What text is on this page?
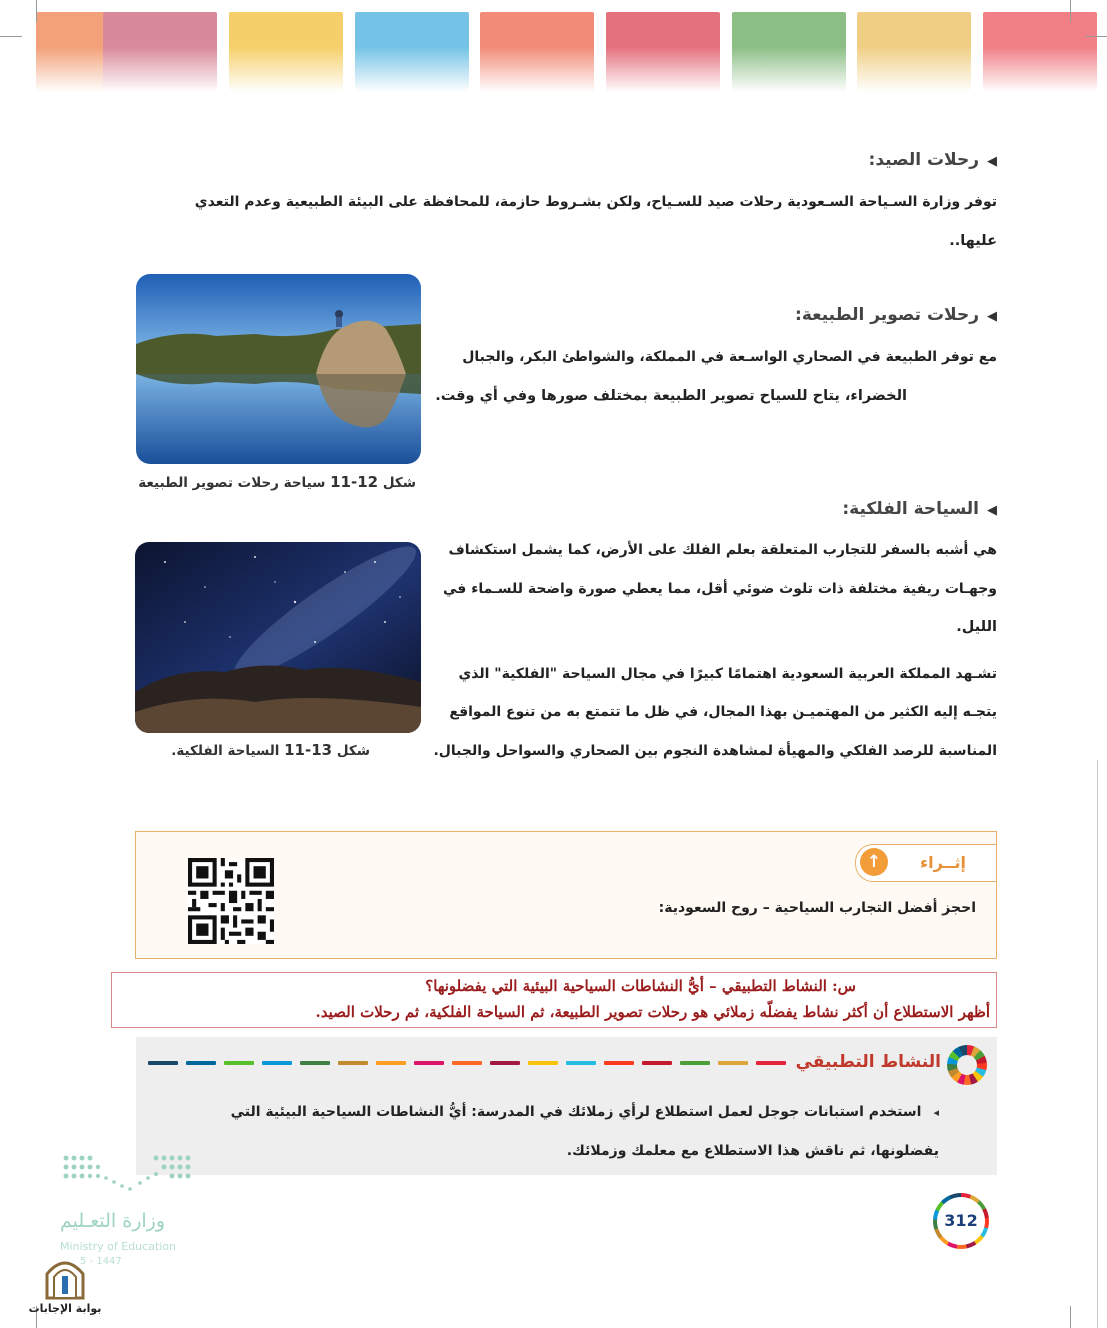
◀رحلات الصيد:
توفر وزارة السـياحة السـعودية رحلات صيد للسـياح، ولكن بشـروط حازمة، للمحافظة على البيئة الطبيعية وعدم التعدي
عليها..
شكل 12-11 سياحة رحلات تصوير الطبيعة
◀رحلات تصوير الطبيعة:
مع توفر الطبيعة في الصحاري الواسـعة في المملكة، والشواطئ البكر، والجبال
الخضراء، يتاح للسياح تصوير الطبيعة بمختلف صورها وفي أي وقت.
◀السياحة الفلكية:
هي أشبه بالسفر للتجارب المتعلقة بعلم الفلك على الأرض، كما يشمل استكشاف
وجهـات ريفية مختلفة ذات تلوث ضوئي أقل، مما يعطي صورة واضحة للسـماء في
الليل.
تشـهد المملكة العربية السعودية اهتمامًا كبيرًا في مجال السياحة "الفلكية" الذي
يتجـه إليه الكثير من المهتميـن بهذا المجال، في ظل ما تتمتع به من تنوع المواقع
المناسبة للرصد الفلكي والمهيأة لمشاهدة النجوم بين الصحاري والسواحل والجبال.
شكل 13-11 السياحة الفلكية.
إثــراء
↑
احجز أفضل التجارب السياحية – روح السعودية:
س: النشاط التطبيقي – أيُّ النشاطات السياحية البيئية التي يفضلونها؟
أظهر الاستطلاع أن أكثر نشاط يفضلّه زملائي هو رحلات تصوير الطبيعة، ثم السياحة الفلكية، ثم رحلات الصيد.
النشاط التطبيقي
◂استخدم استبانات جوجل لعمل استطلاع لرأي زملائك في المدرسة: أيُّ النشاطات السياحية البيئية التي
يفضلونها، ثم ناقش هذا الاستطلاع مع معلمك وزملائك.
وزارة التعـليم
Ministry of Education
5 - 1447
بوابة الإجابات
312
